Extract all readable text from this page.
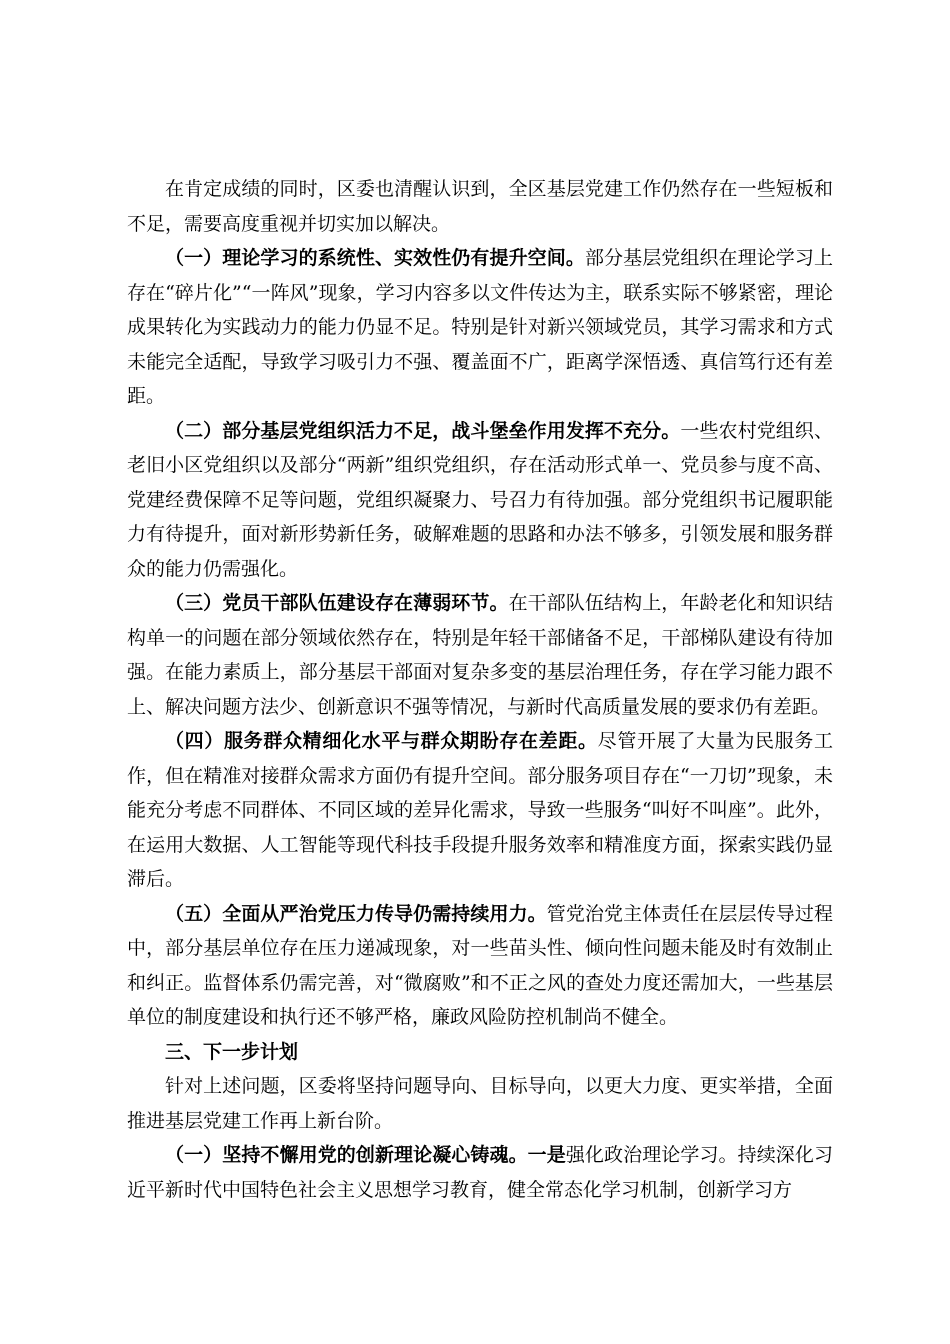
在肯定成绩的同时，区委也清醒认识到，全区基层党建工作仍然存在一些短板和不足，需要高度重视并切实加以解决。

（一）理论学习的系统性、实效性仍有提升空间。部分基层党组织在理论学习上存在“碎片化”“一阵风”现象，学习内容多以文件传达为主，联系实际不够紧密，理论成果转化为实践动力的能力仍显不足。特别是针对新兴领域党员，其学习需求和方式未能完全适配，导致学习吸引力不强、覆盖面不广，距离学深悟透、真信笃行还有差距。

（二）部分基层党组织活力不足，战斗堡垒作用发挥不充分。一些农村党组织、老旧小区党组织以及部分“两新”组织党组织，存在活动形式单一、党员参与度不高、党建经费保障不足等问题，党组织凝聚力、号召力有待加强。部分党组织书记履职能力有待提升，面对新形势新任务，破解难题的思路和办法不够多，引领发展和服务群众的能力仍需强化。

（三）党员干部队伍建设存在薄弱环节。在干部队伍结构上，年龄老化和知识结构单一的问题在部分领域依然存在，特别是年轻干部储备不足，干部梯队建设有待加强。在能力素质上，部分基层干部面对复杂多变的基层治理任务，存在学习能力跟不上、解决问题方法少、创新意识不强等情况，与新时代高质量发展的要求仍有差距。

（四）服务群众精细化水平与群众期盼存在差距。尽管开展了大量为民服务工作，但在精准对接群众需求方面仍有提升空间。部分服务项目存在“一刀切”现象，未能充分考虑不同群体、不同区域的差异化需求，导致一些服务“叫好不叫座”。此外，在运用大数据、人工智能等现代科技手段提升服务效率和精准度方面，探索实践仍显滞后。

（五）全面从严治党压力传导仍需持续用力。管党治党主体责任在层层传导过程中，部分基层单位存在压力递减现象，对一些苗头性、倾向性问题未能及时有效制止和纠正。监督体系仍需完善，对“微腐败”和不正之风的查处力度还需加大，一些基层单位的制度建设和执行还不够严格，廉政风险防控机制尚不健全。

三、下一步计划

针对上述问题，区委将坚持问题导向、目标导向，以更大力度、更实举措，全面推进基层党建工作再上新台阶。

（一）坚持不懈用党的创新理论凝心铸魂。一是强化政治理论学习。持续深化习近平新时代中国特色社会主义思想学习教育，健全常态化学习机制，创新学习方
